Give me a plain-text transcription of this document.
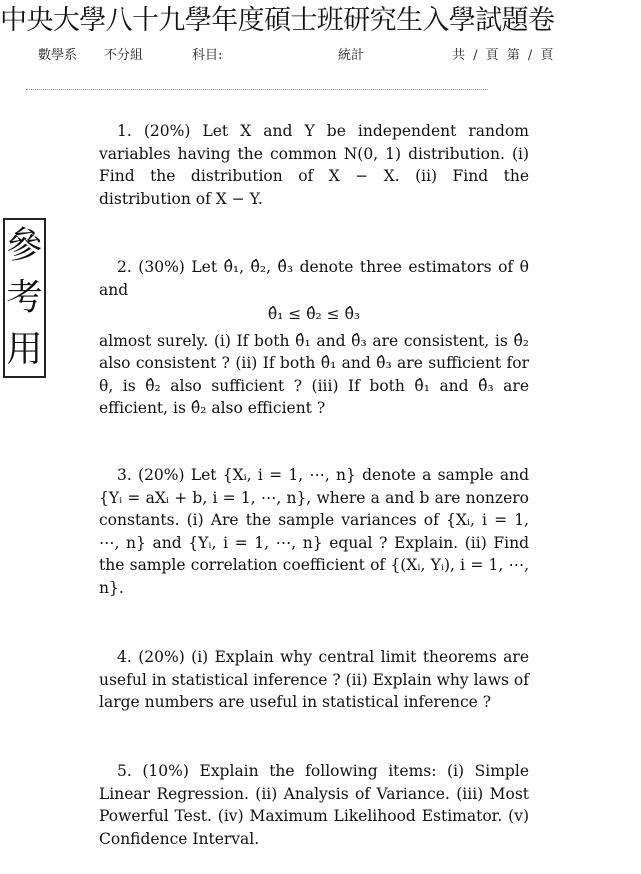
中央大學八十九學年度碩士班研究生入學試題卷
數學系 不分組	科目:	統計	共 / 頁 第 / 頁
參
考
用

1. (20%) Let X and Y be independent random variables having the common N(0, 1) distribution. (i) Find the distribution of X − X. (ii) Find the distribution of X − Y.

2. (30%) Let θ̂₁, θ̂₂, θ̂₃ denote three estimators of θ and

θ̂₁ ≤ θ̂₂ ≤ θ̂₃

almost surely. (i) If both θ̂₁ and θ̂₃ are consistent, is θ̂₂ also consistent ? (ii) If both θ̂₁ and θ̂₃ are sufficient for θ, is θ̂₂ also sufficient ? (iii) If both θ̂₁ and θ̂₃ are efficient, is θ̂₂ also efficient ?

3. (20%) Let {Xᵢ, i = 1, ⋯, n} denote a sample and {Yᵢ = aXᵢ + b, i = 1, ⋯, n}, where a and b are nonzero constants. (i) Are the sample variances of {Xᵢ, i = 1, ⋯, n} and {Yᵢ, i = 1, ⋯, n} equal ? Explain. (ii) Find the sample correlation coefficient of {(Xᵢ, Yᵢ), i = 1, ⋯, n}.

4. (20%) (i) Explain why central limit theorems are useful in statistical inference ? (ii) Explain why laws of large numbers are useful in statistical inference ?

5. (10%) Explain the following items: (i) Simple Linear Regression. (ii) Analysis of Variance. (iii) Most Powerful Test. (iv) Maximum Likelihood Estimator. (v) Confidence Interval.
